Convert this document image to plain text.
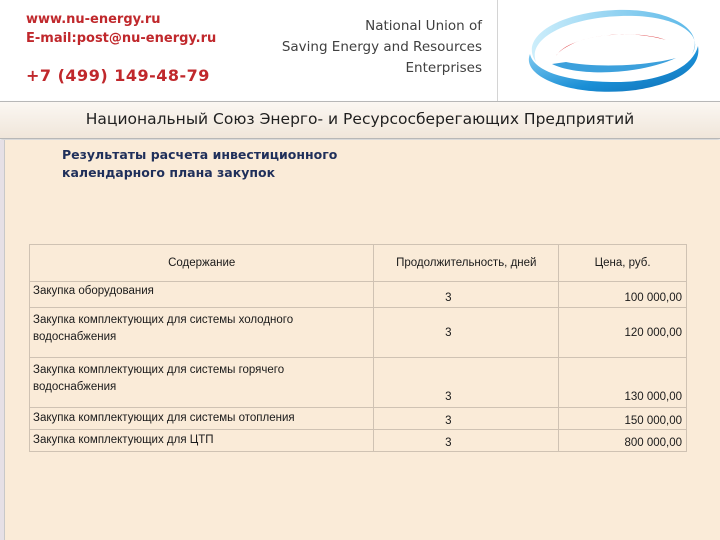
www.nu-energy.ru
E-mail:post@nu-energy.ru
+7 (499) 149-48-79
National Union of
Saving Energy and Resources
Enterprises
Национальный Союз Энерго- и Ресурсосберегающих Предприятий
Результаты расчета инвестиционного
календарного плана закупок
Содержание	Продолжительность, дней	Цена, руб.
Закупка оборудования	3	100 000,00

Закупка комплектующих для системы холодного
водоснабжения	3	120 000,00

Закупка комплектующих для системы горячего
водоснабжения	3	130 000,00
Закупка комплектующих для системы отопления	3	150 000,00
Закупка комплектующих для ЦТП	3	800 000,00
